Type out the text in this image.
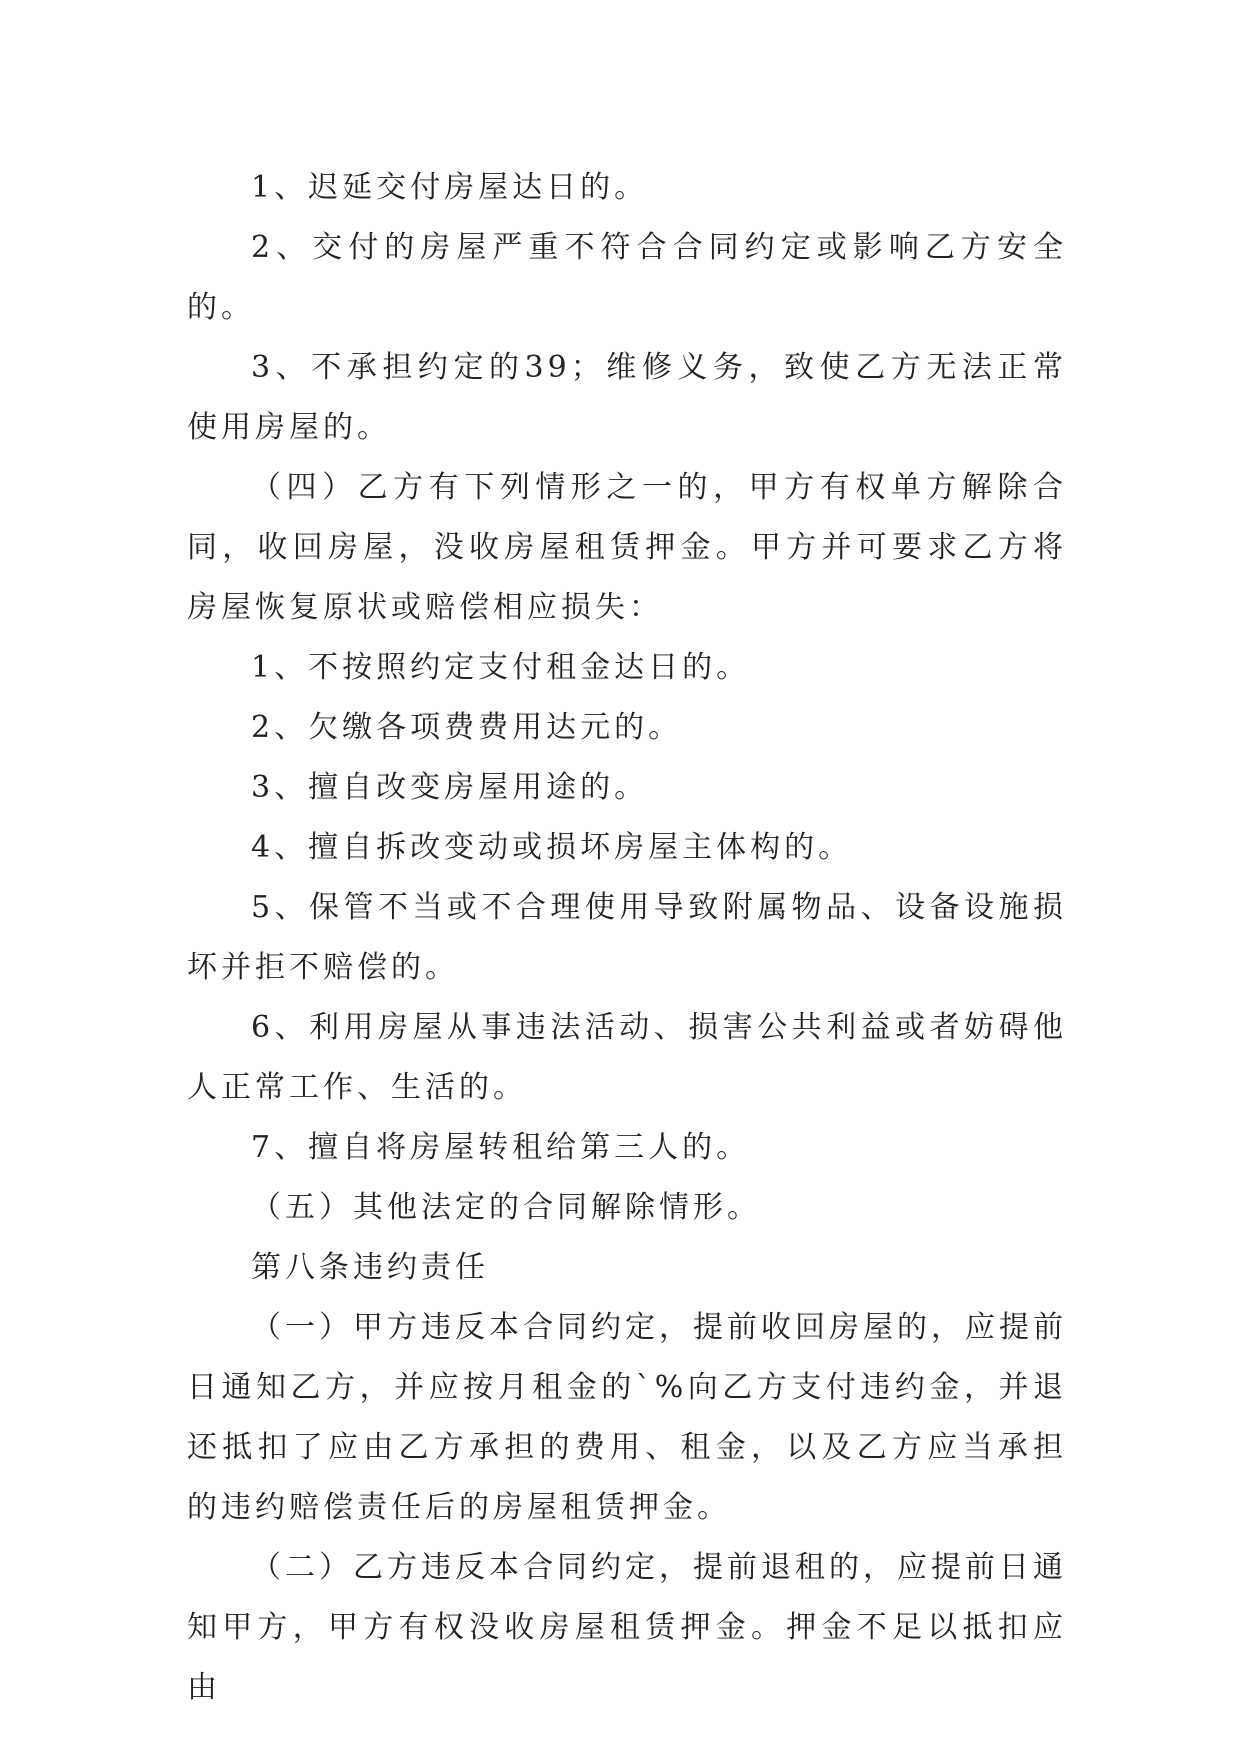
1、迟延交付房屋达日的。

2、交付的房屋严重不符合合同约定或影响乙方安全的。

3、不承担约定的39；维修义务，致使乙方无法正常使用房屋的。

（四）乙方有下列情形之一的，甲方有权单方解除合同，收回房屋，没收房屋租赁押金。甲方并可要求乙方将房屋恢复原状或赔偿相应损失：

1、不按照约定支付租金达日的。

2、欠缴各项费费用达元的。

3、擅自改变房屋用途的。

4、擅自拆改变动或损坏房屋主体构的。

5、保管不当或不合理使用导致附属物品、设备设施损坏并拒不赔偿的。

6、利用房屋从事违法活动、损害公共利益或者妨碍他人正常工作、生活的。

7、擅自将房屋转租给第三人的。

（五）其他法定的合同解除情形。

第八条违约责任

（一）甲方违反本合同约定，提前收回房屋的，应提前日通知乙方，并应按月租金的`%向乙方支付违约金，并退还抵扣了应由乙方承担的费用、租金，以及乙方应当承担的违约赔偿责任后的房屋租赁押金。

（二）乙方违反本合同约定，提前退租的，应提前日通知甲方，甲方有权没收房屋租赁押金。押金不足以抵扣应由
